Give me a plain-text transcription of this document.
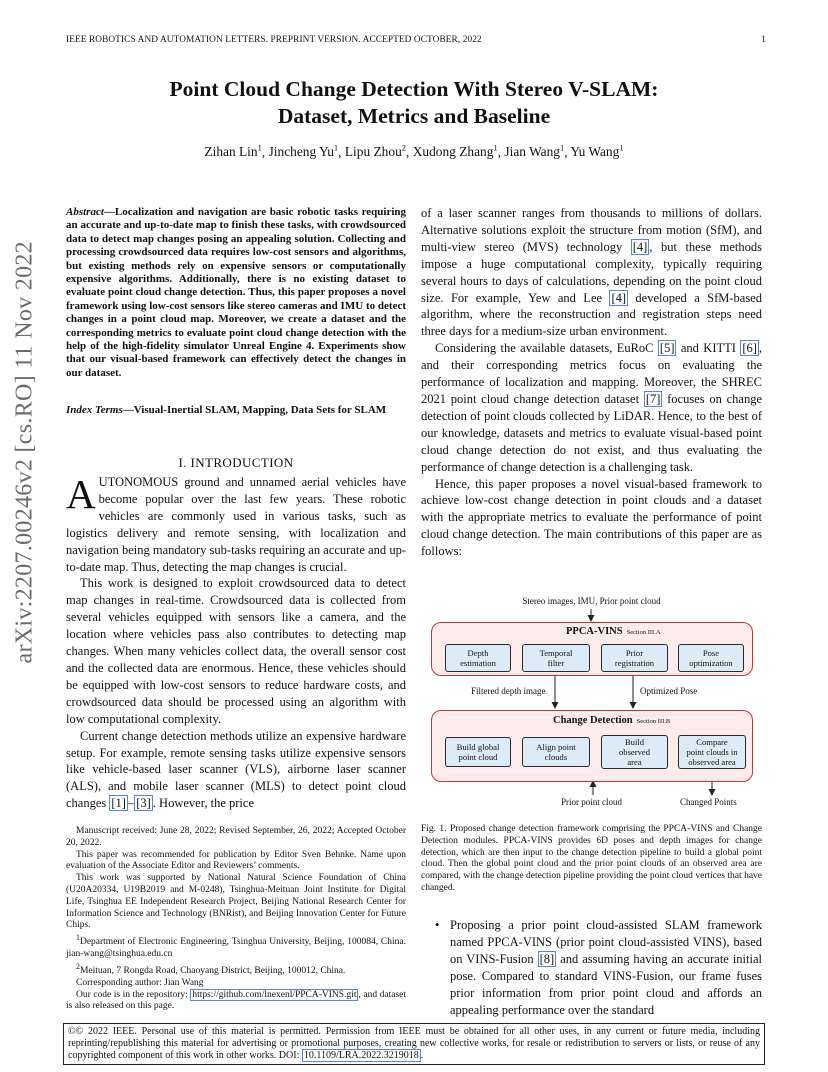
IEEE ROBOTICS AND AUTOMATION LETTERS. PREPRINT VERSION. ACCEPTED OCTOBER, 2022	1
arXiv:2207.00246v2 [cs.RO] 11 Nov 2022
Point Cloud Change Detection With Stereo V-SLAM:
Dataset, Metrics and Baseline
Zihan Lin$^1$, Jincheng Yu$^1$, Lipu Zhou$^2$, Xudong Zhang$^1$, Jian Wang$^1$, Yu Wang$^1$
Abstract—Localization and navigation are basic robotic tasks requiring an accurate and up-to-date map to finish these tasks, with crowdsourced data to detect map changes posing an appealing solution. Collecting and processing crowdsourced data requires low-cost sensors and algorithms, but existing methods rely on expensive sensors or computationally expensive algorithms. Additionally, there is no existing dataset to evaluate point cloud change detection. Thus, this paper proposes a novel framework using low-cost sensors like stereo cameras and IMU to detect changes in a point cloud map. Moreover, we create a dataset and the corresponding metrics to evaluate point cloud change detection with the help of the high-fidelity simulator Unreal Engine 4. Experiments show that our visual-based framework can effectively detect the changes in our dataset.
Index Terms—Visual-Inertial SLAM, Mapping, Data Sets for SLAM
I. INTRODUCTION

AUTONOMOUS ground and unnamed aerial vehicles have become popular over the last few years. These robotic vehicles are commonly used in various tasks, such as logistics delivery and remote sensing, with localization and navigation being mandatory sub-tasks requiring an accurate and up-to-date map. Thus, detecting the map changes is crucial.

This work is designed to exploit crowdsourced data to detect map changes in real-time. Crowdsourced data is collected from several vehicles equipped with sensors like a camera, and the location where vehicles pass also contributes to detecting map changes. When many vehicles collect data, the overall sensor cost and the collected data are enormous. Hence, these vehicles should be equipped with low-cost sensors to reduce hardware costs, and crowdsourced data should be processed using an algorithm with low computational complexity.

Current change detection methods utilize an expensive hardware setup. For example, remote sensing tasks utilize expensive sensors like vehicle-based laser scanner (VLS), airborne laser scanner (ALS), and mobile laser scanner (MLS) to detect point cloud changes [1] – [3] . However, the price

Manuscript received: June 28, 2022; Revised September, 26, 2022; Accepted October 20, 2022.

This paper was recommended for publication by Editor Sven Behnke. Name upon evaluation of the Associate Editor and Reviewers’ comments.

This work was supported by National Natural Science Foundation of China (U20A20334, U19B2019 and M-0248), Tsinghua-Meituan Joint Institute for Digital Life, Tsinghua EE Independent Research Project, Beijing National Research Center for Information Science and Technology (BNRist), and Beijing Innovation Center for Future Chips.

$^1$Department of Electronic Engineering, Tsinghua University, Beijing, 100084, China. jian-wang@tsinghua.edu.cn

$^2$Meituan, 7 Rongda Road, Chaoyang District, Beijing, 100012, China.

Corresponding author: Jian Wang

Our code is in the repository: https://github.com/lnexenl/PPCA-VINS.git , and dataset is also released on this page.

of a laser scanner ranges from thousands to millions of dollars. Alternative solutions exploit the structure from motion (SfM), and multi-view stereo (MVS) technology [4] , but these methods impose a huge computational complexity, typically requiring several hours to days of calculations, depending on the point cloud size. For example, Yew and Lee [4] developed a SfM-based algorithm, where the reconstruction and registration steps need three days for a medium-size urban environment.

Considering the available datasets, EuRoC [5] and KITTI [6] , and their corresponding metrics focus on evaluating the performance of localization and mapping. Moreover, the SHREC 2021 point cloud change detection dataset [7] focuses on change detection of point clouds collected by LiDAR. Hence, to the best of our knowledge, datasets and metrics to evaluate visual-based point cloud change detection do not exist, and thus evaluating the performance of change detection is a challenging task.

Hence, this paper proposes a novel visual-based framework to achieve low-cost change detection in point clouds and a dataset with the appropriate metrics to evaluate the performance of point cloud change detection. The main contributions of this paper are as follows:

Stereo images, IMU, Prior point cloud
PPCA-VINS Section III.A
Depth
estimation
Temporal
filter
Prior
registration
Pose
optimization
Filtered depth image	Optimized Pose
Change Detection Section III.B
Build global
point cloud
Align point
clouds
Build
observed
area
Compare
point clouds in
observed area
Prior point cloud	Changed Points
Fig. 1. Proposed change detection framework comprising the PPCA-VINS and Change Detection modules. PPCA-VINS provides 6D poses and depth images for change detection, which are then input to the change detection pipeline to build a global point cloud. Then the global point cloud and the prior point clouds of an observed area are compared, with the change detection pipeline providing the point cloud vertices that have changed.
• Proposing a prior point cloud-assisted SLAM framework named PPCA-VINS (prior point cloud-assisted VINS), based on VINS-Fusion [8] and assuming having an accurate initial pose. Compared to standard VINS-Fusion, our frame fuses prior information from prior point cloud and affords an appealing performance over the standard
©© 2022 IEEE. Personal use of this material is permitted. Permission from IEEE must be obtained for all other uses, in any current or future media, including reprinting/republishing this material for advertising or promotional purposes, creating new collective works, for resale or redistribution to servers or lists, or reuse of any copyrighted component of this work in other works. DOI: 10.1109/LRA.2022.3219018 .
